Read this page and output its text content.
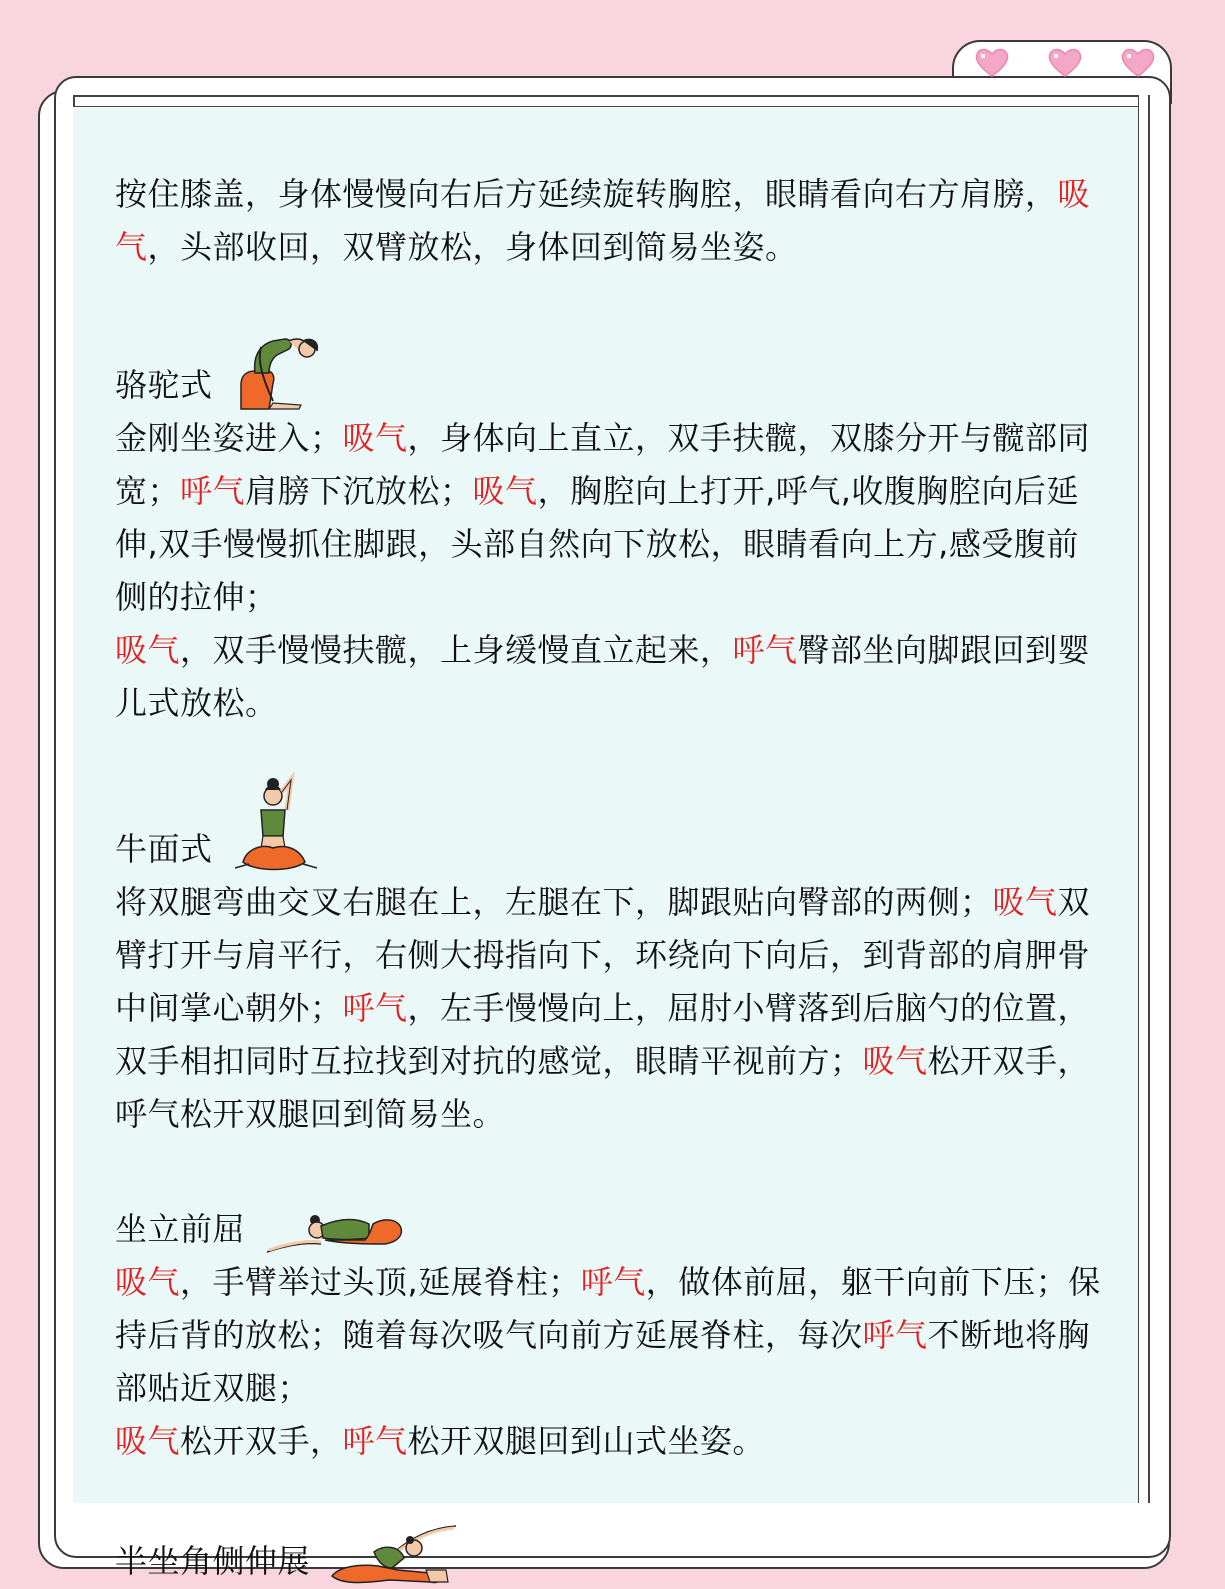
按住膝盖，身体慢慢向右后方延续旋转胸腔，眼睛看向右方肩膀，吸气，头部收回，双臂放松，身体回到简易坐姿。

骆驼式

金刚坐姿进入；吸气，身体向上直立，双手扶髋，双膝分开与髋部同宽；呼气肩膀下沉放松；吸气，胸腔向上打开,呼气,收腹胸腔向后延伸,双手慢慢抓住脚跟，头部自然向下放松，眼睛看向上方,感受腹前侧的拉伸；

吸气，双手慢慢扶髋，上身缓慢直立起来，呼气臀部坐向脚跟回到婴儿式放松。

牛面式

将双腿弯曲交叉右腿在上，左腿在下，脚跟贴向臀部的两侧；吸气双臂打开与肩平行，右侧大拇指向下，环绕向下向后，到背部的肩胛骨中间掌心朝外；呼气，左手慢慢向上，屈肘小臂落到后脑勺的位置，双手相扣同时互拉找到对抗的感觉，眼睛平视前方；吸气松开双手，呼气松开双腿回到简易坐。

坐立前屈

吸气，手臂举过头顶,延展脊柱；呼气，做体前屈，躯干向前下压；保持后背的放松；随着每次吸气向前方延展脊柱，每次呼气不断地将胸部贴近双腿；

吸气松开双手，呼气松开双腿回到山式坐姿。

半坐角侧伸展
